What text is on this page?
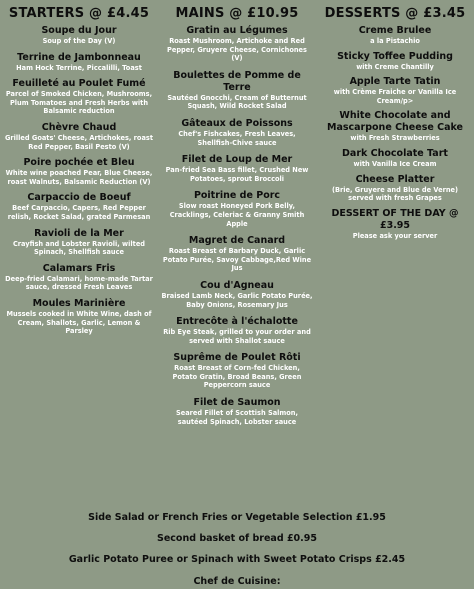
STARTERS @ £4.45
Soupe du Jour
Soup of the Day (V)
Terrine de Jambonneau
Ham Hock Terrine, Piccalilli, Toast
Feuilleté au Poulet Fumé
Parcel of Smoked Chicken, Mushrooms, Plum Tomatoes and Fresh Herbs with Balsamic reduction
Chèvre Chaud
Grilled Goats' Cheese, Artichokes, roast Red Pepper, Basil Pesto (V)
Poire pochée et Bleu
White wine poached Pear, Blue Cheese, roast Walnuts, Balsamic Reduction (V)
Carpaccio de Boeuf
Beef Carpaccio, Capers, Red Pepper relish, Rocket Salad, grated Parmesan
Ravioli de la Mer
Crayfish and Lobster Ravioli, wilted Spinach, Shellfish sauce
Calamars Fris
Deep-fried Calamari, home-made Tartar sauce, dressed Fresh Leaves
Moules Marinière
Mussels cooked in White Wine, dash of Cream, Shallots, Garlic, Lemon & Parsley
MAINS @ £10.95
Gratin au Légumes
Roast Mushroom, Artichoke and Red Pepper, Gruyere Cheese, Cornichones (V)
Boulettes de Pomme de Terre
Sautéed Gnocchi, Cream of Butternut Squash, Wild Rocket Salad
Gâteaux de Poissons
Chef's Fishcakes, Fresh Leaves, Shellfish-Chive sauce
Filet de Loup de Mer
Pan-fried Sea Bass fillet, Crushed New Potatoes, sprout Broccoli
Poitrine de Porc
Slow roast Honeyed Pork Belly, Cracklings, Celeriac & Granny Smith Apple
Magret de Canard
Roast Breast of Barbary Duck, Garlic Potato Purée, Savoy Cabbage,Red Wine Jus
Cou d'Agneau
Braised Lamb Neck, Garlic Potato Purée, Baby Onions, Rosemary Jus
Entrecôte à l'échalotte
Rib Eye Steak, grilled to your order and served with Shallot sauce
Suprême de Poulet Rôti
Roast Breast of Corn-fed Chicken, Potato Gratin, Broad Beans, Green Peppercorn sauce
Filet de Saumon
Seared Fillet of Scottish Salmon, sautéed Spinach, Lobster sauce
DESSERTS @ £3.45
Creme Brulee
a la Pistachio
Sticky Toffee Pudding
with Creme Chantilly
Apple Tarte Tatin
with Crème Fraiche or Vanilla Ice Cream/p>
White Chocolate and Mascarpone Cheese Cake
with Fresh Strawberries
Dark Chocolate Tart
with Vanilla Ice Cream
Cheese Platter
(Brie, Gruyere and Blue de Verne) served with fresh Grapes
DESSERT OF THE DAY @
£3.95
Please ask your server
Side Salad or French Fries or Vegetable Selection £1.95
Second basket of bread £0.95
Garlic Potato Puree or Spinach with Sweet Potato Crisps £2.45
Chef de Cuisine:
